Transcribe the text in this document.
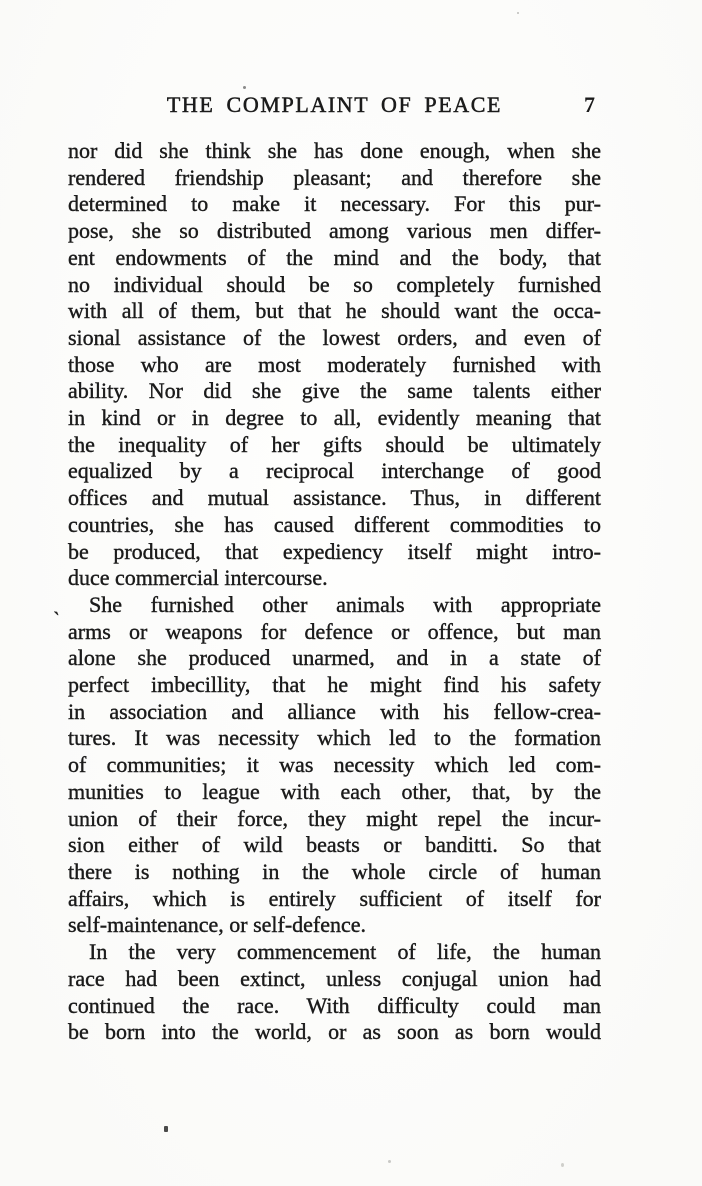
THE COMPLAINT OF PEACE	7
nor did she think she has done enough, when she
rendered friendship pleasant; and therefore she
determined to make it necessary. For this pur-
pose, she so distributed among various men differ-
ent endowments of the mind and the body, that
no individual should be so completely furnished
with all of them, but that he should want the occa-
sional assistance of the lowest orders, and even of
those who are most moderately furnished with
ability. Nor did she give the same talents either
in kind or in degree to all, evidently meaning that
the inequality of her gifts should be ultimately
equalized by a reciprocal interchange of good
offices and mutual assistance. Thus, in different
countries, she has caused different commodities to
be produced, that expediency itself might intro-
duce commercial intercourse.
She furnished other animals with appropriate
arms or weapons for defence or offence, but man
alone she produced unarmed, and in a state of
perfect imbecillity, that he might find his safety
in association and alliance with his fellow-crea-
tures. It was necessity which led to the formation
of communities; it was necessity which led com-
munities to league with each other, that, by the
union of their force, they might repel the incur-
sion either of wild beasts or banditti. So that
there is nothing in the whole circle of human
affairs, which is entirely sufficient of itself for
self-maintenance, or self-defence.
In the very commencement of life, the human
race had been extinct, unless conjugal union had
continued the race. With difficulty could man
be born into the world, or as soon as born would
`
